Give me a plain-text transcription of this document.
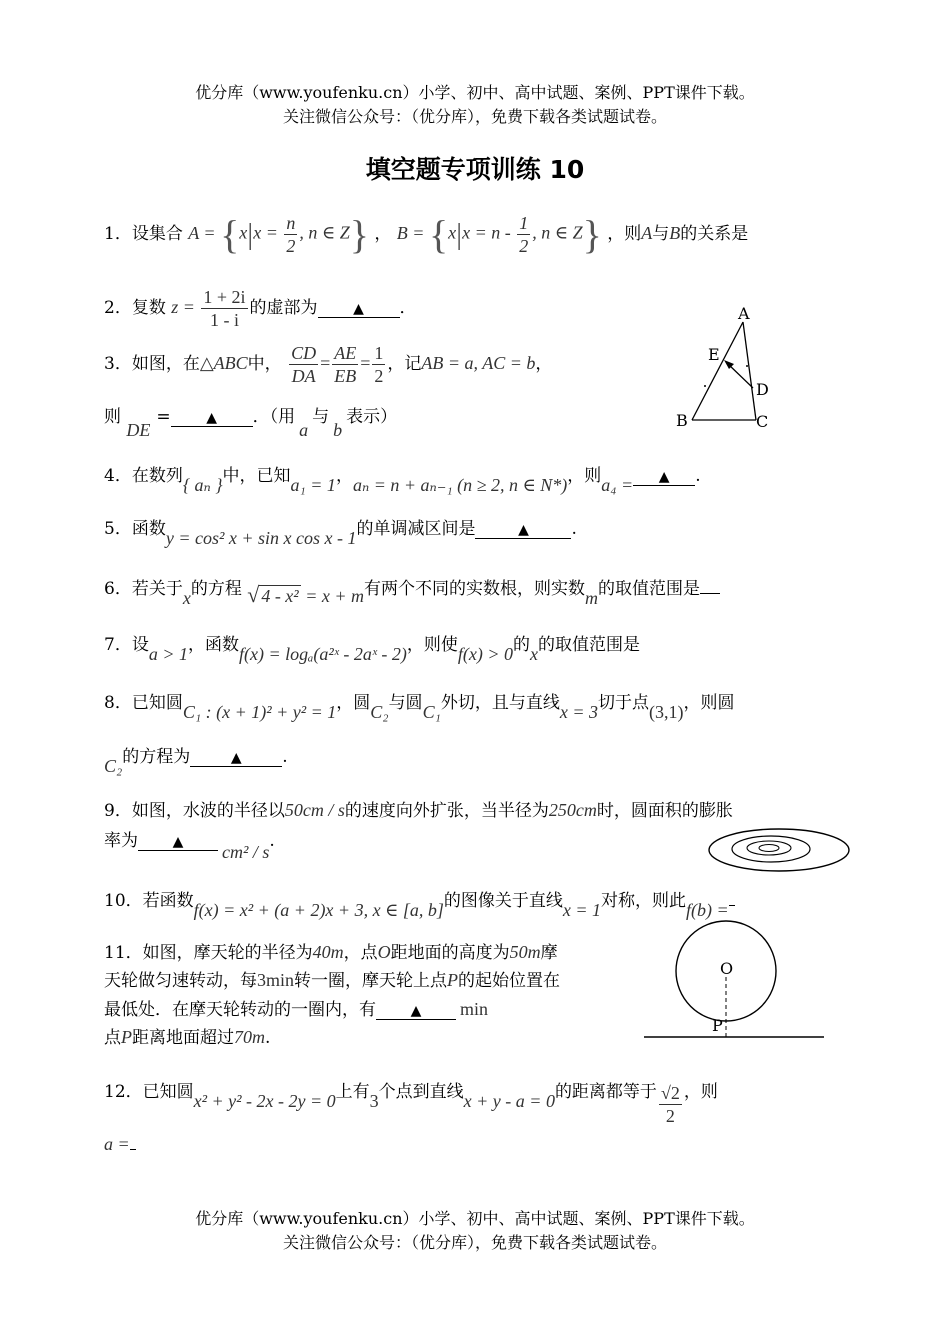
优分库（www.youfenku.cn）小学、初中、高中试题、案例、PPT课件下载。
关注微信公众号：（优分库），免费下载各类试题试卷。
填空题专项训练 10
1．设集合 $A = \{x|x = \frac{n}{2}$ , n ∈ Z} ， $B = \{x|x = n - \frac{1}{2}$ , n ∈ Z} ，则A与B的关系是
2．复数 $z = \frac{1 + 2i}{1 - i}$ 的虚部为	▲ ．
3．如图，在△ABC中， $\frac{CD}{DA} = \frac{AE}{EB} = \frac{1}{2}$ ，记AB = a, AC = b，
则 DE=	▲ ．（用a与b表示）
A
E
D
B	C
4．在数列{ aₙ }中，已知a₁ = 1，aₙ = n + aₙ₋₁ (n ≥ 2, n ∈ N*)，则a₄ = ▲ .
5．函数y = cos² x + sin x cos x - 1的单调减区间是	▲	.
6．若关于x的方程 √ 4 - x² = x + m有两个不同的实数根，则实数m的取值范围是
7．设a > 1，函数f(x) = logₐ(a²ˣ - 2aˣ - 2)，则使f(x) > 0的x的取值范围是
8．已知圆C₁ : (x + 1)² + y² = 1，圆C₂与圆C₁外切，且与直线x = 3切于点(3,1)，则圆
C₂的方程为	▲ .
9．如图，水波的半径以50cm / s的速度向外扩张，当半径为250cm时，圆面积的膨胀
率为 ▲ cm² / s.
10．若函数f(x) = x² + (a + 2)x + 3, x ∈ [a, b]的图像关于直线x = 1对称，则此f(b) =
11．如图，摩天轮的半径为40m，点O距地面的高度为50m摩
天轮做匀速转动，每3min转一圈，摩天轮上点P的起始位置在
最低处．在摩天轮转动的一圈内，有 ▲ min
点P距离地面超过70m.
O
P
12．已知圆x² + y² - 2x - 2y = 0上有3个点到直线x + y - a = 0的距离都等于 $\frac{√2}{2}$ ，则
a =
优分库（www.youfenku.cn）小学、初中、高中试题、案例、PPT课件下载。
关注微信公众号：（优分库），免费下载各类试题试卷。
